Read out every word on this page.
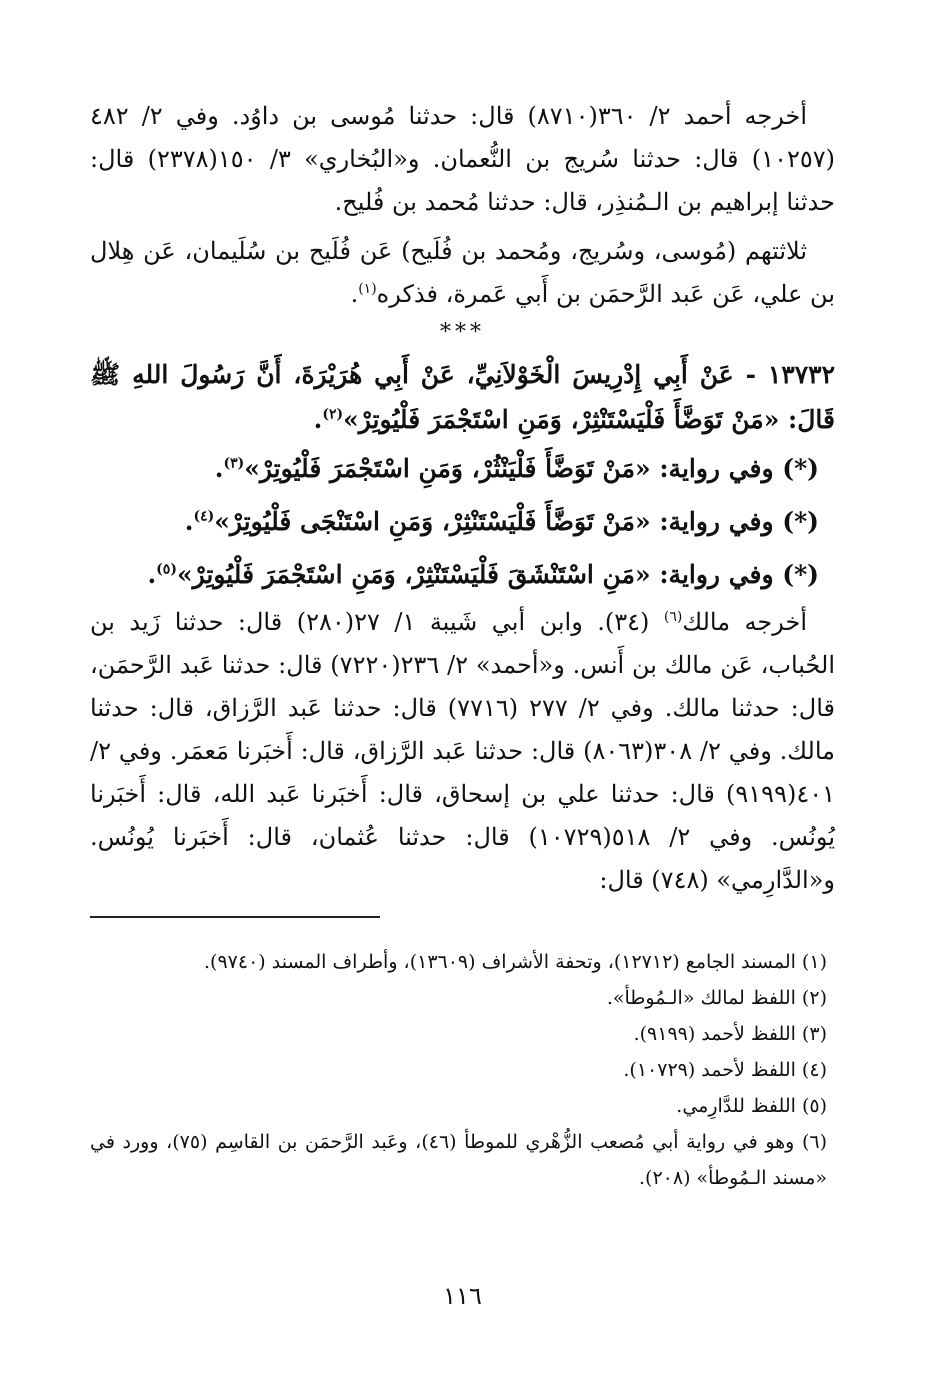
أخرجه أحمد ٢/ ٣٦٠(٨٧١٠) قال: حدثنا مُوسى بن داوُد. وفي ٢/ ٤٨٢ (١٠٢٥٧) قال: حدثنا سُريج بن النُّعمان. و«البُخاري» ٣/ ١٥٠(٢٣٧٨) قال: حدثنا إبراهيم بن الـمُنذِر، قال: حدثنا مُحمد بن فُليح.

ثلاثتهم (مُوسى، وسُريج، ومُحمد بن فُلَيح) عَن فُلَيح بن سُلَيمان، عَن هِلال بن علي، عَن عَبد الرَّحمَن بن أَبي عَمرة، فذكره$^{(١)}$.

***

١٣٧٣٢ - عَنْ أَبِي إِدْرِيسَ الْخَوْلاَنِيِّ، عَنْ أَبِي هُرَيْرَةَ، أَنَّ رَسُولَ اللهِ ﷺ قَالَ: «مَنْ تَوَضَّأَ فَلْيَسْتَنْثِرْ، وَمَنِ اسْتَجْمَرَ فَلْيُوتِرْ»$^{(٢)}$.

(*) وفي رواية: «مَنْ تَوَضَّأَ فَلْيَنْثُرْ، وَمَنِ اسْتَجْمَرَ فَلْيُوتِرْ»$^{(٣)}$.

(*) وفي رواية: «مَنْ تَوَضَّأَ فَلْيَسْتَنْثِرْ، وَمَنِ اسْتَنْجَى فَلْيُوتِرْ»$^{(٤)}$.

(*) وفي رواية: «مَنِ اسْتَنْشَقَ فَلْيَسْتَنْثِرْ، وَمَنِ اسْتَجْمَرَ فَلْيُوتِرْ»$^{(٥)}$.

أخرجه مالك$^{(٦)}$ (٣٤). وابن أبي شَيبة ١/ ٢٧(٢٨٠) قال: حدثنا زَيد بن الحُباب، عَن مالك بن أَنس. و«أحمد» ٢/ ٢٣٦(٧٢٢٠) قال: حدثنا عَبد الرَّحمَن، قال: حدثنا مالك. وفي ٢/ ٢٧٧ (٧٧١٦) قال: حدثنا عَبد الرَّزاق، قال: حدثنا مالك. وفي ٢/ ٣٠٨(٨٠٦٣) قال: حدثنا عَبد الرَّزاق، قال: أَخبَرنا مَعمَر. وفي ٢/ ٤٠١(٩١٩٩) قال: حدثنا علي بن إسحاق، قال: أَخبَرنا عَبد الله، قال: أَخبَرنا يُونُس. وفي ٢/ ٥١٨(١٠٧٢٩) قال: حدثنا عُثمان، قال: أَخبَرنا يُونُس. و«الدَّارِمي» (٧٤٨) قال:

(١) المسند الجامع (١٢٧١٢)، وتحفة الأشراف (١٣٦٠٩)، وأطراف المسند (٩٧٤٠).

(٢) اللفظ لمالك «الـمُوطأ».

(٣) اللفظ لأحمد (٩١٩٩).

(٤) اللفظ لأحمد (١٠٧٢٩).

(٥) اللفظ للدَّارِمي.

(٦) وهو في رواية أبي مُصعب الزُّهْري للموطأ (٤٦)، وعَبد الرَّحمَن بن القاسِم (٧٥)، وورد في «مسند الـمُوطأ» (٢٠٨).

١١٦
